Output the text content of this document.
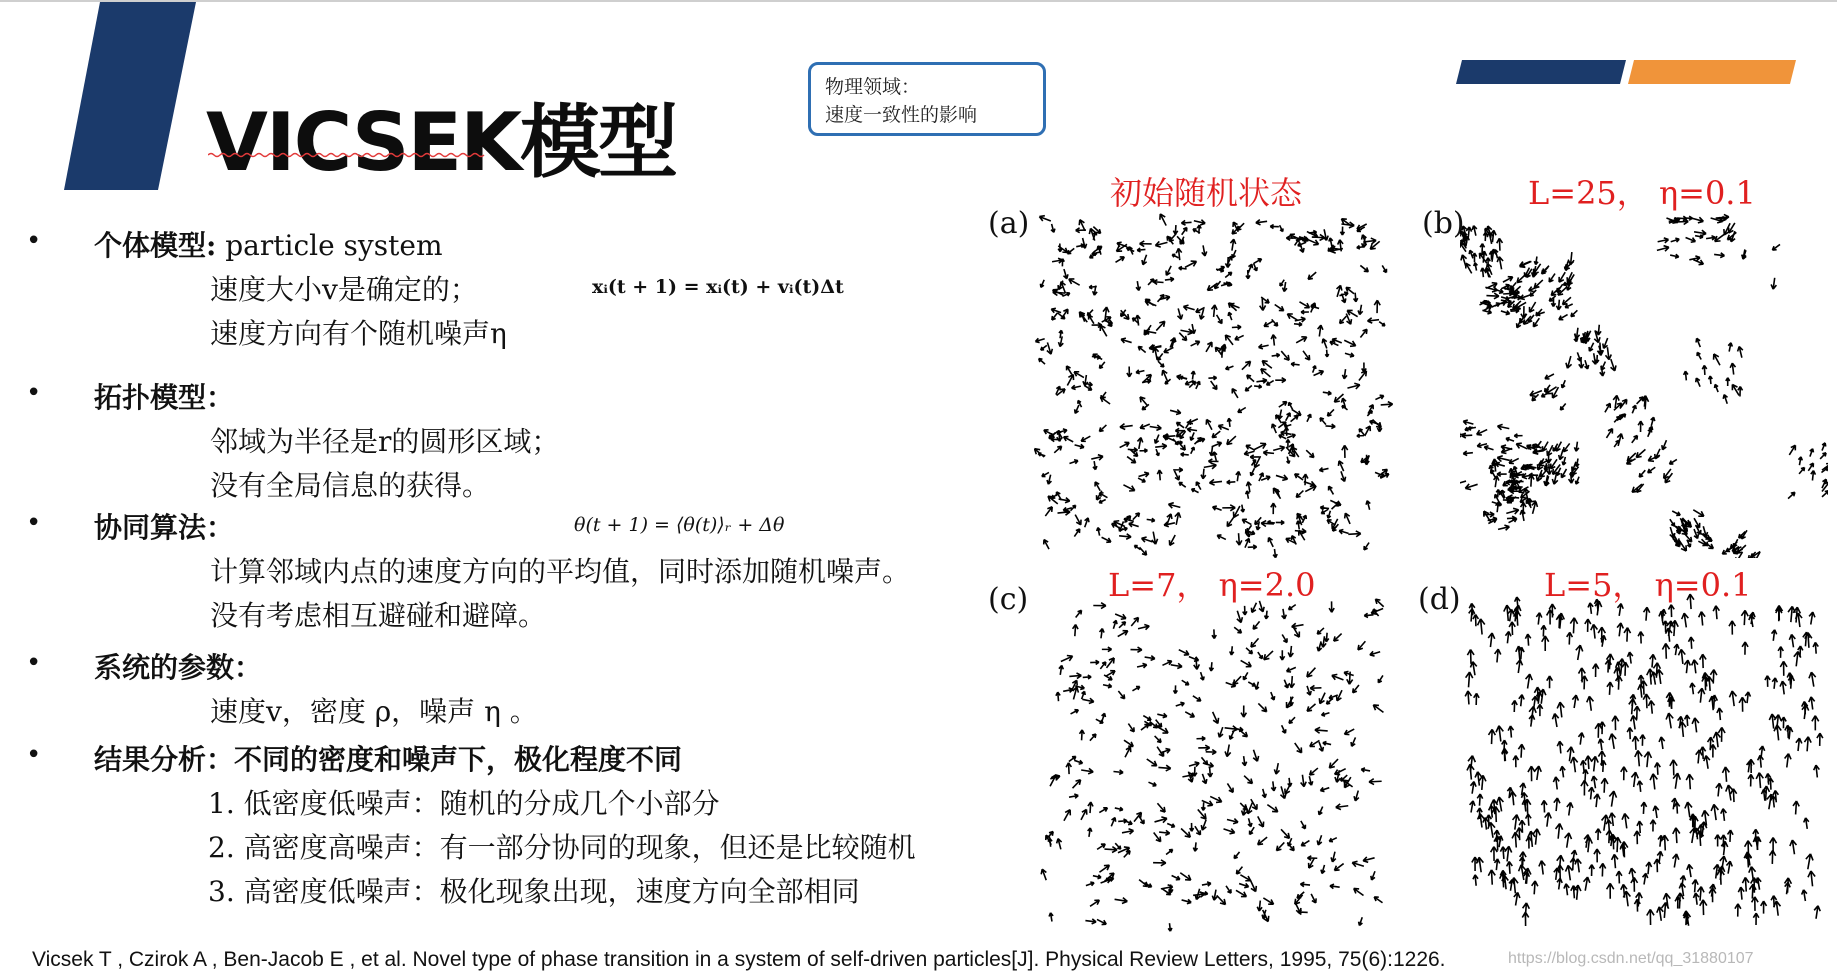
VICSEK模型
物理领域：
速度一致性的影响
• 个体模型: particle system
速度大小v是确定的；	xᵢ(t + 1) = xᵢ(t) + vᵢ(t)Δt
速度方向有个随机噪声η
• 拓扑模型：
邻域为半径是r的圆形区域；
没有全局信息的获得。
• 协同算法：	θ(t + 1) = ⟨θ(t)⟩ᵣ + Δθ
计算邻域内点的速度方向的平均值，同时添加随机噪声。
没有考虑相互避碰和避障。
• 系统的参数：
速度v，密度 ρ，噪声 η 。
• 结果分析：不同的密度和噪声下，极化程度不同
1. 低密度低噪声：随机的分成几个小部分
2. 高密度高噪声：有一部分协同的现象，但还是比较随机
3. 高密度低噪声：极化现象出现，速度方向全部相同
初始随机状态	L=25， η=0.1
L=7， η=2.0	L=5， η=0.1
(a)	(b)
(c)	(d)
Vicsek T , Czirok A , Ben-Jacob E , et al. Novel type of phase transition in a system of self-driven particles[J]. Physical Review Letters, 1995, 75(6):1226.	https://blog.csdn.net/qq_31880107
